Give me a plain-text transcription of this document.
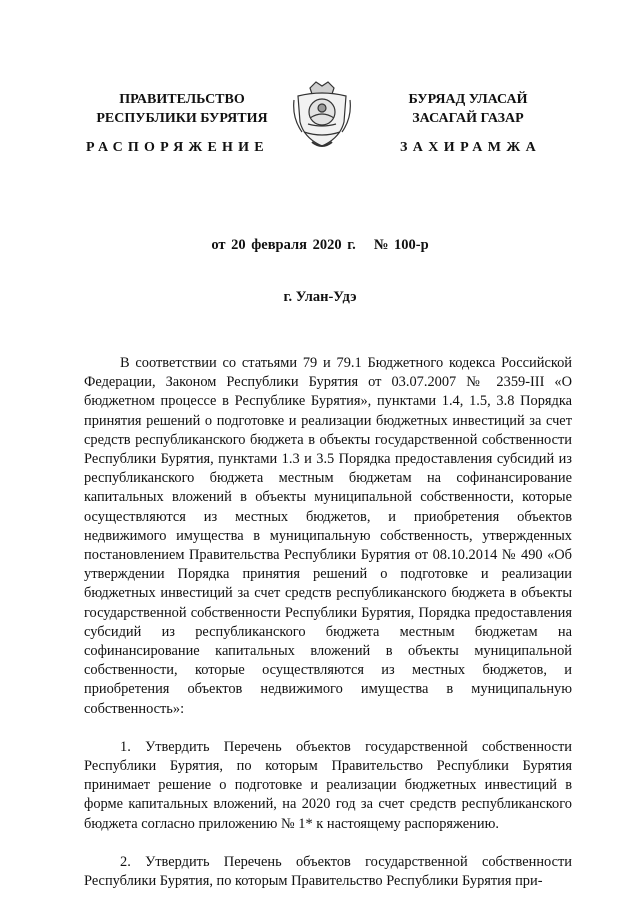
ПРАВИТЕЛЬСТВО
РЕСПУБЛИКИ БУРЯТИЯ
БУРЯАД УЛАСАЙ
ЗАСАГАЙ ГАЗАР
РАСПОРЯЖЕНИЕ	ЗАХИРАМЖА
от 20 февраля 2020 г. № 100-р
г. Улан-Удэ

В соответствии со статьями 79 и 79.1 Бюджетного кодекса Российской Федерации, Законом Республики Бурятия от 03.07.2007 № 2359-III «О бюджетном процессе в Республике Бурятия», пунктами 1.4, 1.5, 3.8 Порядка принятия решений о подготовке и реализации бюджетных инвестиций за счет средств республиканского бюджета в объекты государственной собственности Республики Бурятия, пунктами 1.3 и 3.5 Порядка предоставления субсидий из республиканского бюджета местным бюджетам на софинансирование капитальных вложений в объекты муниципальной собственности, которые осуществляются из местных бюджетов, и приобретения объектов недвижимого имущества в муниципальную собственность, утвержденных постановлением Правительства Республики Бурятия от 08.10.2014 № 490 «Об утверждении Порядка принятия решений о подготовке и реализации бюджетных инвестиций за счет средств республиканского бюджета в объекты государственной собственности Республики Бурятия, Порядка предоставления субсидий из республиканского бюджета местным бюджетам на софинансирование капитальных вложений в объекты муниципальной собственности, которые осуществляются из местных бюджетов, и приобретения объектов недвижимого имущества в муниципальную собственность»:

1. Утвердить Перечень объектов государственной собственности Республики Бурятия, по которым Правительство Республики Бурятия принимает решение о подготовке и реализации бюджетных инвестиций в форме капитальных вложений, на 2020 год за счет средств республиканского бюджета согласно приложению № 1* к настоящему распоряжению.

2. Утвердить Перечень объектов государственной собственности Республики Бурятия, по которым Правительство Республики Бурятия при-
